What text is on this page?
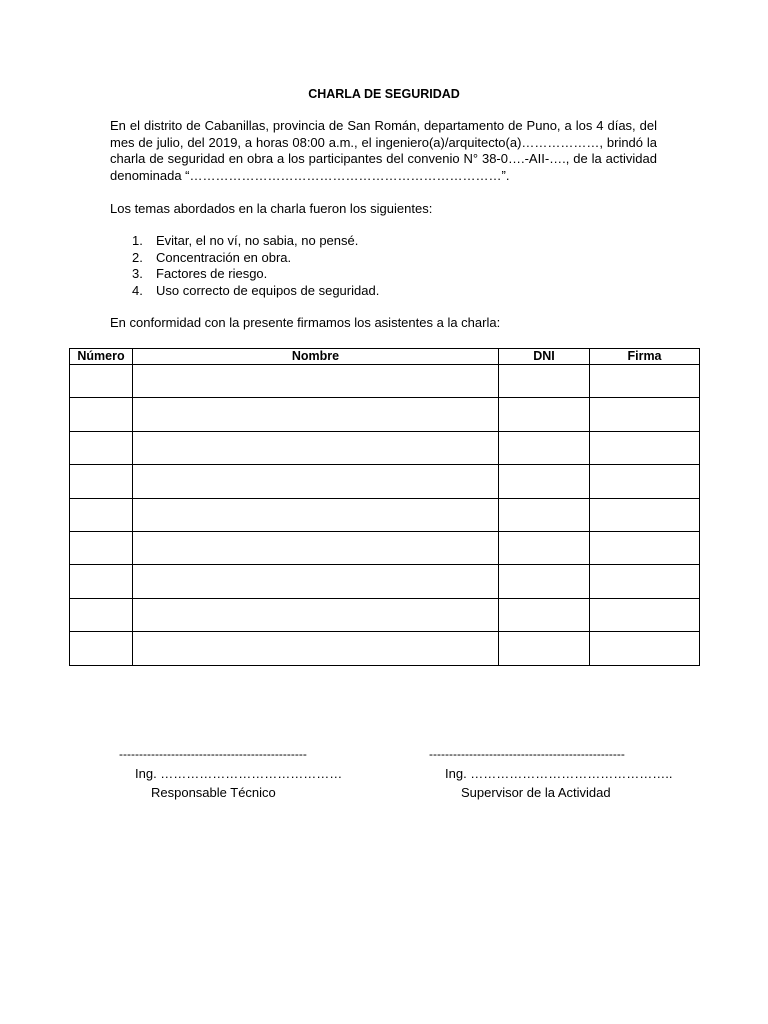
CHARLA DE SEGURIDAD

En el distrito de Cabanillas, provincia de San Román, departamento de Puno, a los 4 días, del mes de julio, del 2019, a horas 08:00 a.m., el ingeniero(a)/arquitecto(a)………………, brindó la charla de seguridad en obra a los participantes del convenio N° 38-0….-AII-…., de la actividad denominada “………………………………………………………………”.

Los temas abordados en la charla fueron los siguientes:

1.	Evitar, el no ví, no sabia, no pensé.
2.	Concentración en obra.
3.	Factores de riesgo.
4.	Uso correcto de equipos de seguridad.

En conformidad con la presente firmamos los asistentes a la charla:

Número	Nombre	DNI	Firma

-----------------------------------------------
Ing. ……………………………………
Responsable Técnico
-------------------------------------------------
Ing. ………………………………………..
Supervisor de la Actividad
